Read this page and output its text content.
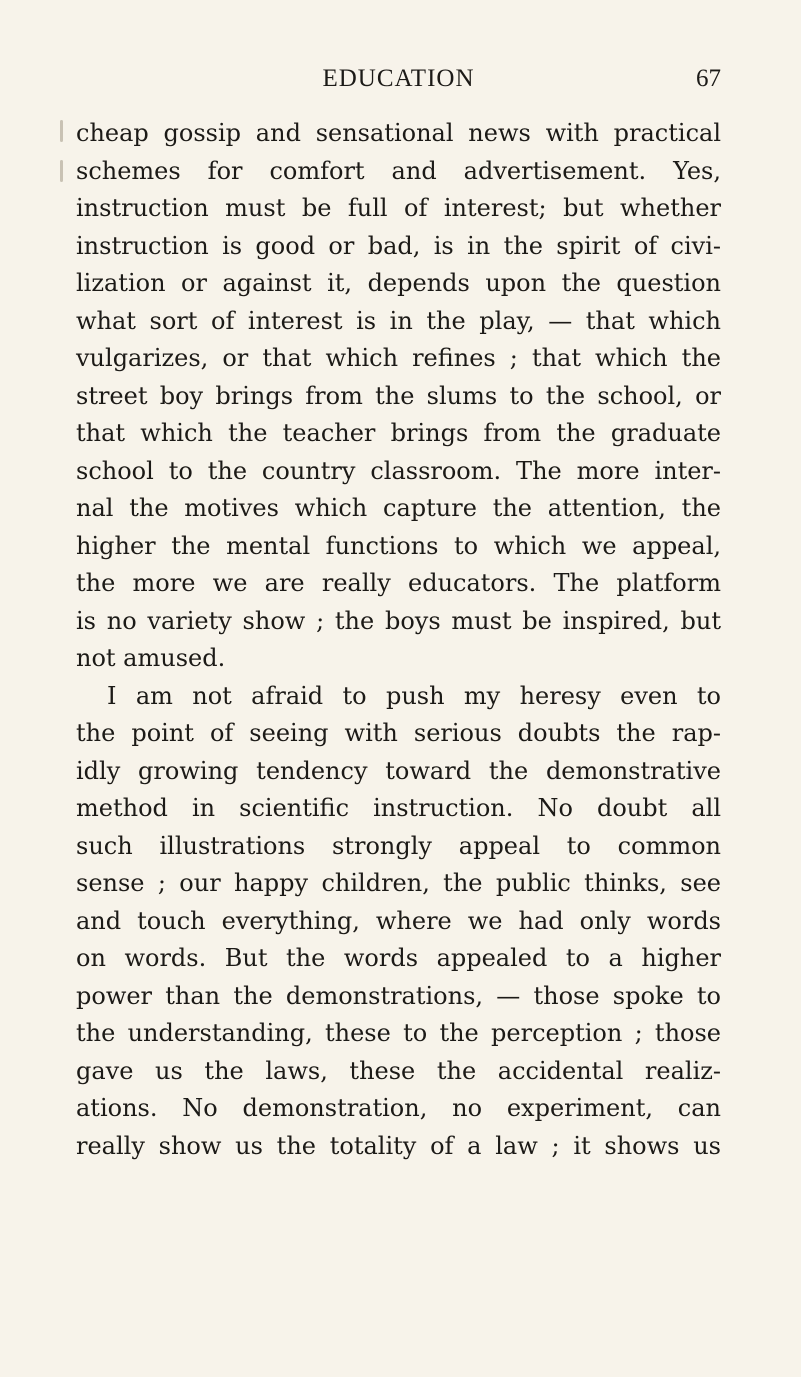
EDUCATION	67
cheap gossip and sensational news with practical
schemes for comfort and advertisement. Yes,
instruction must be full of interest; but whether
instruction is good or bad, is in the spirit of civi-
lization or against it, depends upon the question
what sort of interest is in the play, — that which
vulgarizes, or that which refines ; that which the
street boy brings from the slums to the school, or
that which the teacher brings from the graduate
school to the country classroom. The more inter-
nal the motives which capture the attention, the
higher the mental functions to which we appeal,
the more we are really educators. The platform
is no variety show ; the boys must be inspired, but
not amused.
I am not afraid to push my heresy even to
the point of seeing with serious doubts the rap-
idly growing tendency toward the demonstrative
method in scientific instruction. No doubt all
such illustrations strongly appeal to common
sense ; our happy children, the public thinks, see
and touch everything, where we had only words
on words. But the words appealed to a higher
power than the demonstrations, — those spoke to
the understanding, these to the perception ; those
gave us the laws, these the accidental realiz-
ations. No demonstration, no experiment, can
really show us the totality of a law ; it shows us
